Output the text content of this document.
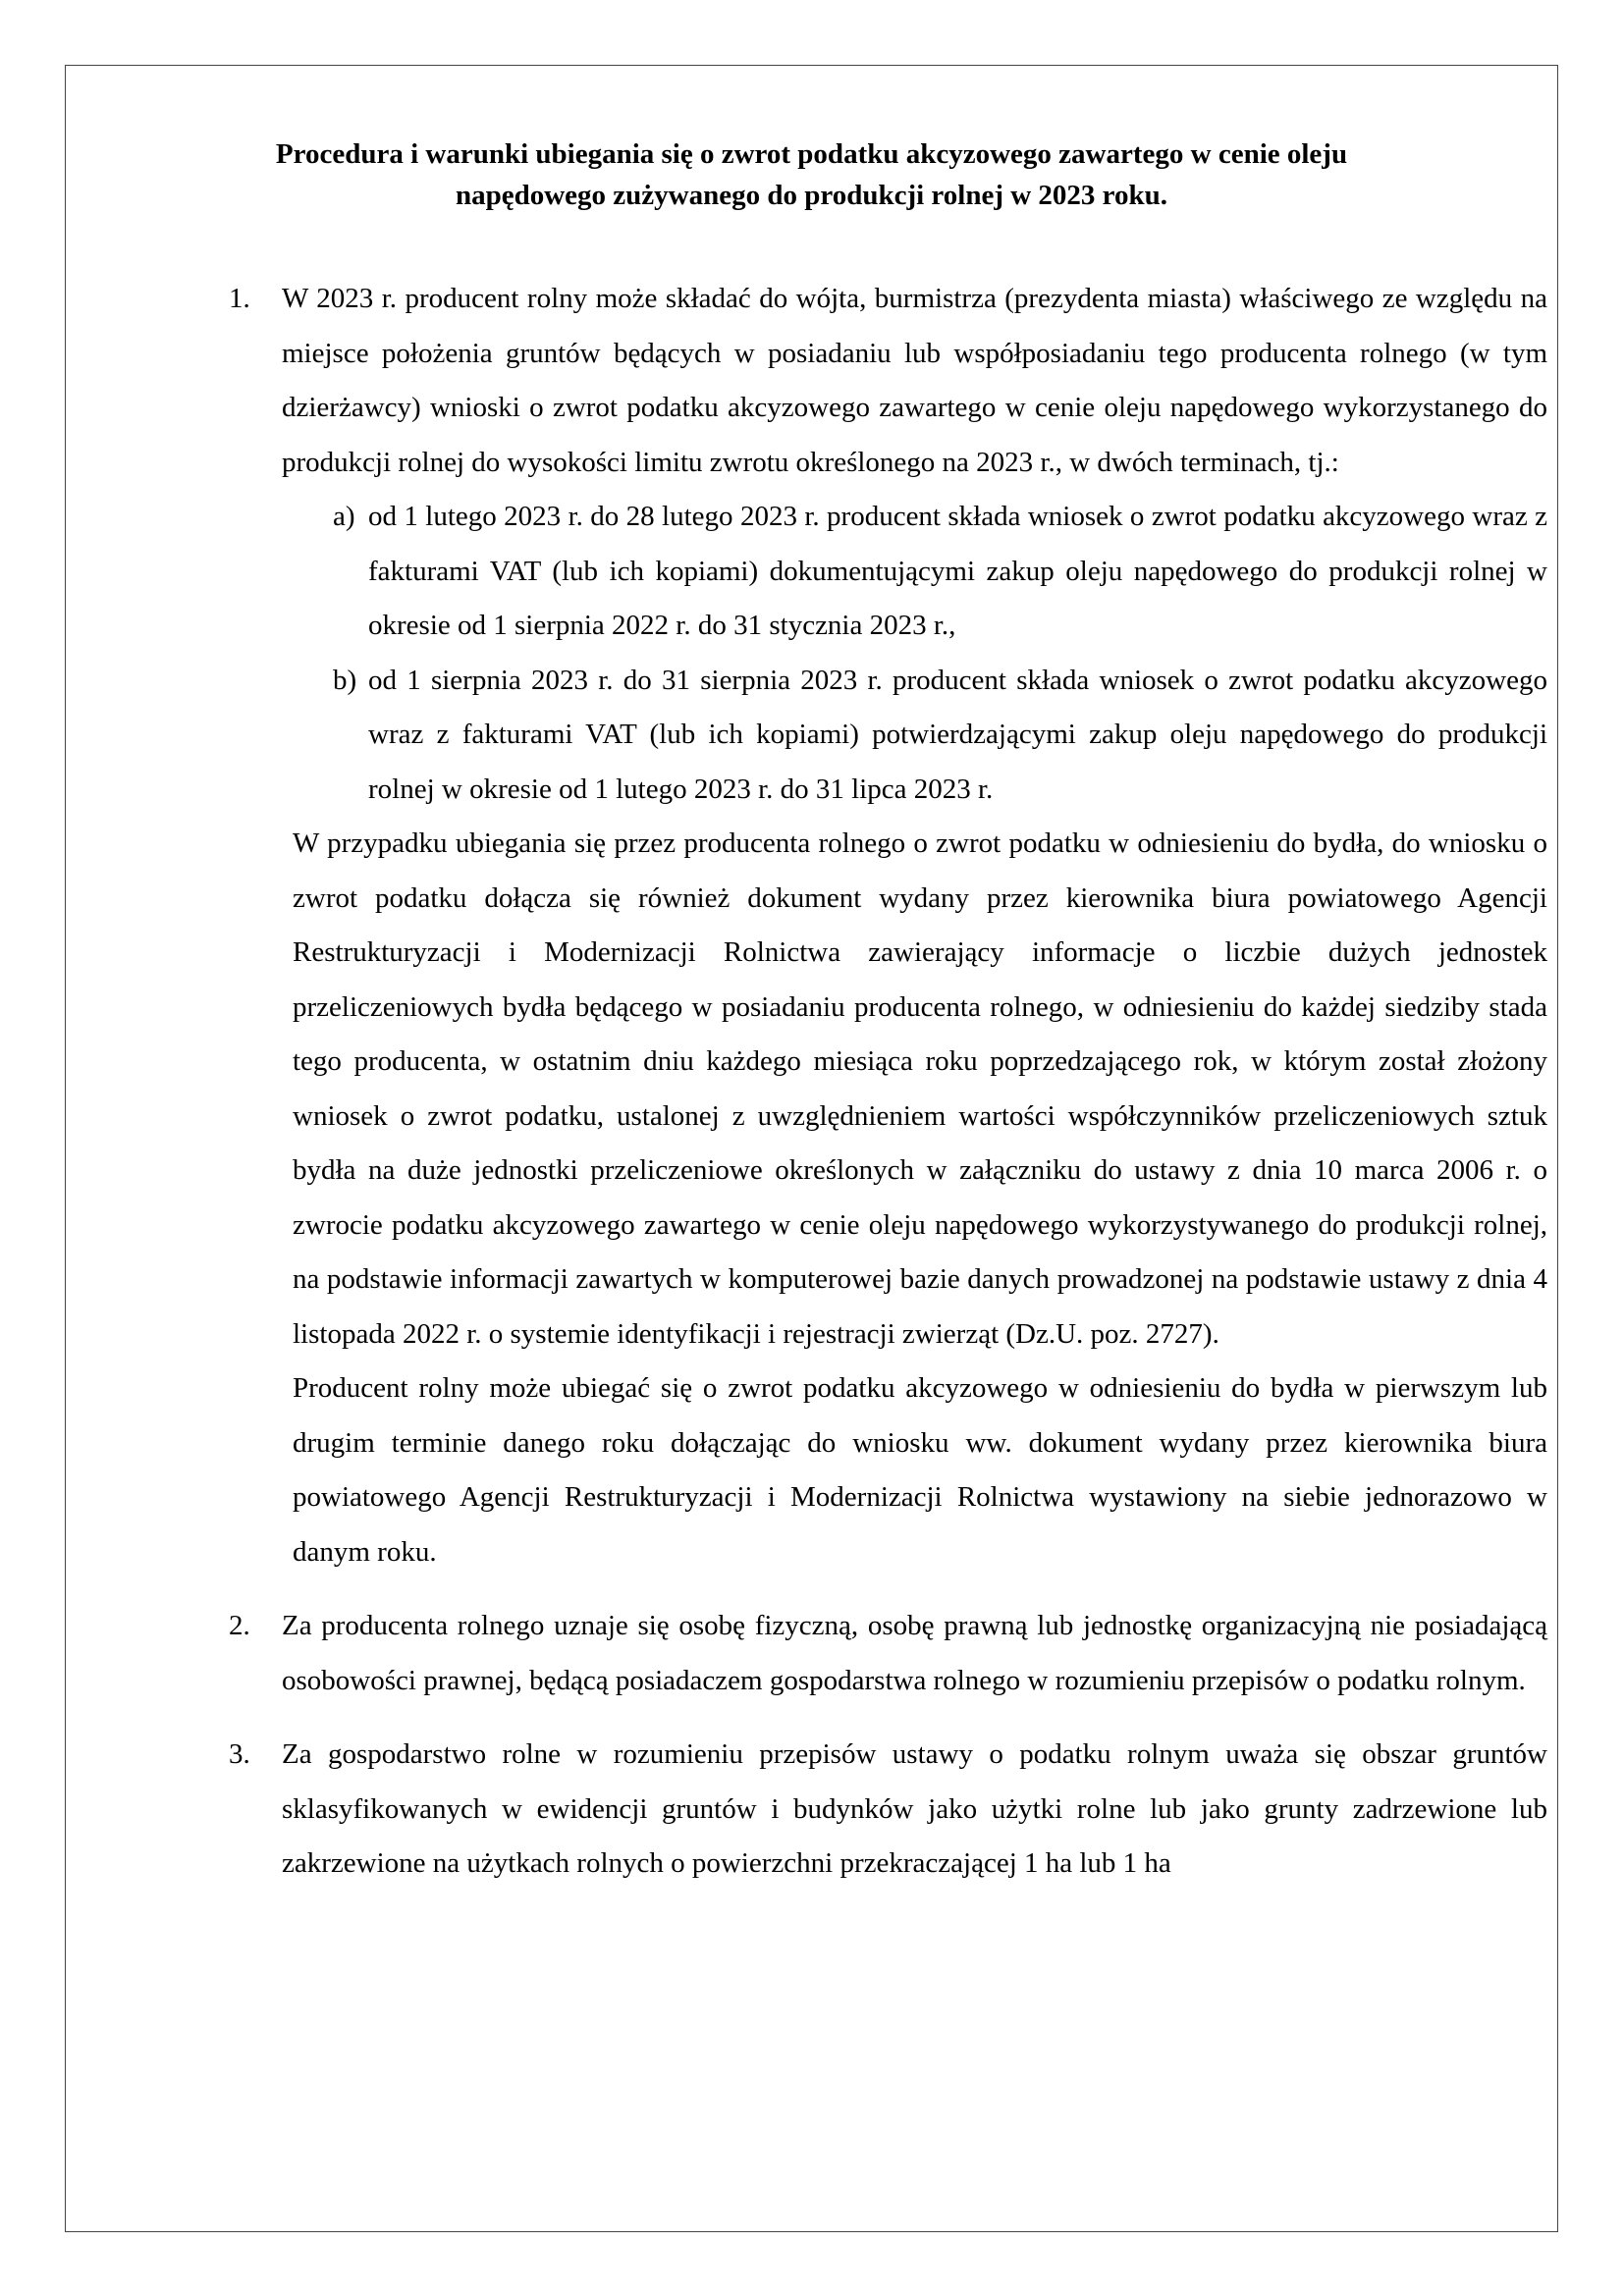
Procedura i warunki ubiegania się o zwrot podatku akcyzowego zawartego w cenie oleju napędowego zużywanego do produkcji rolnej w 2023 roku.
1. W 2023 r. producent rolny może składać do wójta, burmistrza (prezydenta miasta) właściwego ze względu na miejsce położenia gruntów będących w posiadaniu lub współposiadaniu tego producenta rolnego (w tym dzierżawcy) wnioski o zwrot podatku akcyzowego zawartego w cenie oleju napędowego wykorzystanego do produkcji rolnej do wysokości limitu zwrotu określonego na 2023 r., w dwóch terminach, tj.:

a) od 1 lutego 2023 r. do 28 lutego 2023 r. producent składa wniosek o zwrot podatku akcyzowego wraz z fakturami VAT (lub ich kopiami) dokumentującymi zakup oleju napędowego do produkcji rolnej w okresie od 1 sierpnia 2022 r. do 31 stycznia 2023 r.,

b) od 1 sierpnia 2023 r. do 31 sierpnia 2023 r. producent składa wniosek o zwrot podatku akcyzowego wraz z fakturami VAT (lub ich kopiami) potwierdzającymi zakup oleju napędowego do produkcji rolnej w okresie od 1 lutego 2023 r. do 31 lipca 2023 r.

W przypadku ubiegania się przez producenta rolnego o zwrot podatku w odniesieniu do bydła, do wniosku o zwrot podatku dołącza się również dokument wydany przez kierownika biura powiatowego Agencji Restrukturyzacji i Modernizacji Rolnictwa zawierający informacje o liczbie dużych jednostek przeliczeniowych bydła będącego w posiadaniu producenta rolnego, w odniesieniu do każdej siedziby stada tego producenta, w ostatnim dniu każdego miesiąca roku poprzedzającego rok, w którym został złożony wniosek o zwrot podatku, ustalonej z uwzględnieniem wartości współczynników przeliczeniowych sztuk bydła na duże jednostki przeliczeniowe określonych w załączniku do ustawy z dnia 10 marca 2006 r. o zwrocie podatku akcyzowego zawartego w cenie oleju napędowego wykorzystywanego do produkcji rolnej, na podstawie informacji zawartych w komputerowej bazie danych prowadzonej na podstawie ustawy z dnia 4 listopada 2022 r. o systemie identyfikacji i rejestracji zwierząt (Dz.U. poz. 2727).

Producent rolny może ubiegać się o zwrot podatku akcyzowego w odniesieniu do bydła w pierwszym lub drugim terminie danego roku dołączając do wniosku ww. dokument wydany przez kierownika biura powiatowego Agencji Restrukturyzacji i Modernizacji Rolnictwa wystawiony na siebie jednorazowo w danym roku.

2. Za producenta rolnego uznaje się osobę fizyczną, osobę prawną lub jednostkę organizacyjną nie posiadającą osobowości prawnej, będącą posiadaczem gospodarstwa rolnego w rozumieniu przepisów o podatku rolnym.

3. Za gospodarstwo rolne w rozumieniu przepisów ustawy o podatku rolnym uważa się obszar gruntów sklasyfikowanych w ewidencji gruntów i budynków jako użytki rolne lub jako grunty zadrzewione lub zakrzewione na użytkach rolnych o powierzchni przekraczającej 1 ha lub 1 ha
